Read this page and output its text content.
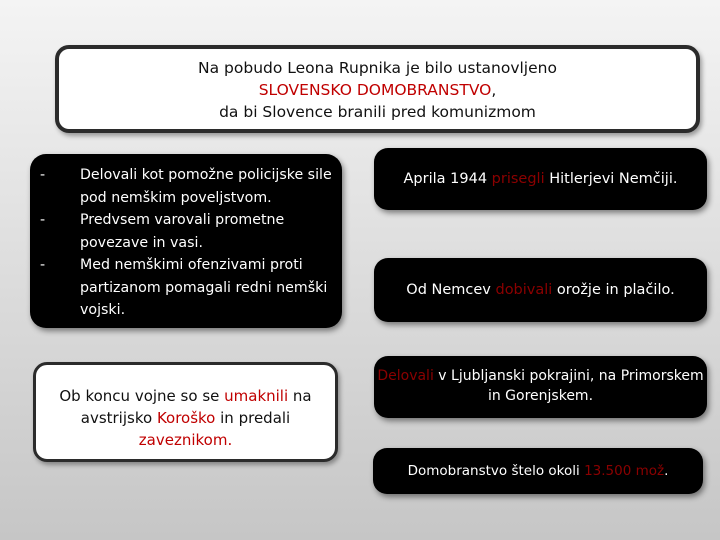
Na pobudo Leona Rupnika je bilo ustanovljeno
SLOVENSKO DOMOBRANSTVO,
da bi Slovence branili pred komunizmom
- Delovali kot pomožne policijske sile pod nemškim poveljstvom.
- Predvsem varovali prometne povezave in vasi.
- Med nemškimi ofenzivami proti partizanom pomagali redni nemški vojski.
Ob koncu vojne so se umaknili na avstrijsko Koroško in predali zaveznikom.
Aprila 1944 prisegli Hitlerjevi Nemčiji.
Od Nemcev dobivali orožje in plačilo.
Delovali v Ljubljanski pokrajini, na Primorskem in Gorenjskem.
Domobranstvo štelo okoli 13.500 mož.
